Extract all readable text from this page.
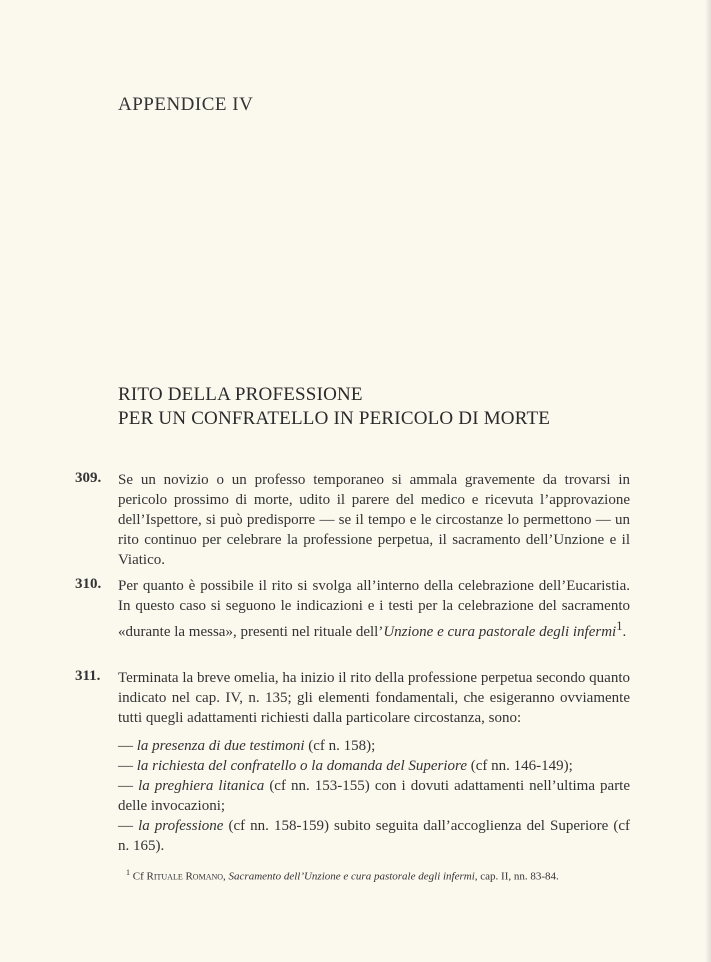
APPENDICE IV
RITO DELLA PROFESSIONE
PER UN CONFRATELLO IN PERICOLO DI MORTE
309. Se un novizio o un professo temporaneo si ammala gravemente da trovarsi in pericolo prossimo di morte, udito il parere del medico e ricevuta l’approvazione dell’Ispettore, si può predisporre — se il tempo e le circostanze lo permettono — un rito continuo per celebrare la professione perpetua, il sacramento dell’Unzione e il Viatico.

310. Per quanto è possibile il rito si svolga all’interno della celebrazione dell’Eucaristia. In questo caso si seguono le indicazioni e i testi per la celebrazione del sacramento «durante la messa», presenti nel rituale dell’Unzione e cura pastorale degli infermi$^1$.

311. Terminata la breve omelia, ha inizio il rito della professione perpetua secondo quanto indicato nel cap. IV, n. 135; gli elementi fondamentali, che esigeranno ovviamente tutti quegli adattamenti richiesti dalla particolare circostanza, sono:

— la presenza di due testimoni (cf n. 158);
— la richiesta del confratello o la domanda del Superiore (cf nn. 146-149);
— la preghiera litanica (cf nn. 153-155) con i dovuti adattamenti nell’ultima parte delle invocazioni;
— la professione (cf nn. 158-159) subito seguita dall’accoglienza del Superiore (cf n. 165).
$^1$ Cf Rituale Romano, Sacramento dell’Unzione e cura pastorale degli infermi, cap. II, nn. 83-84.
